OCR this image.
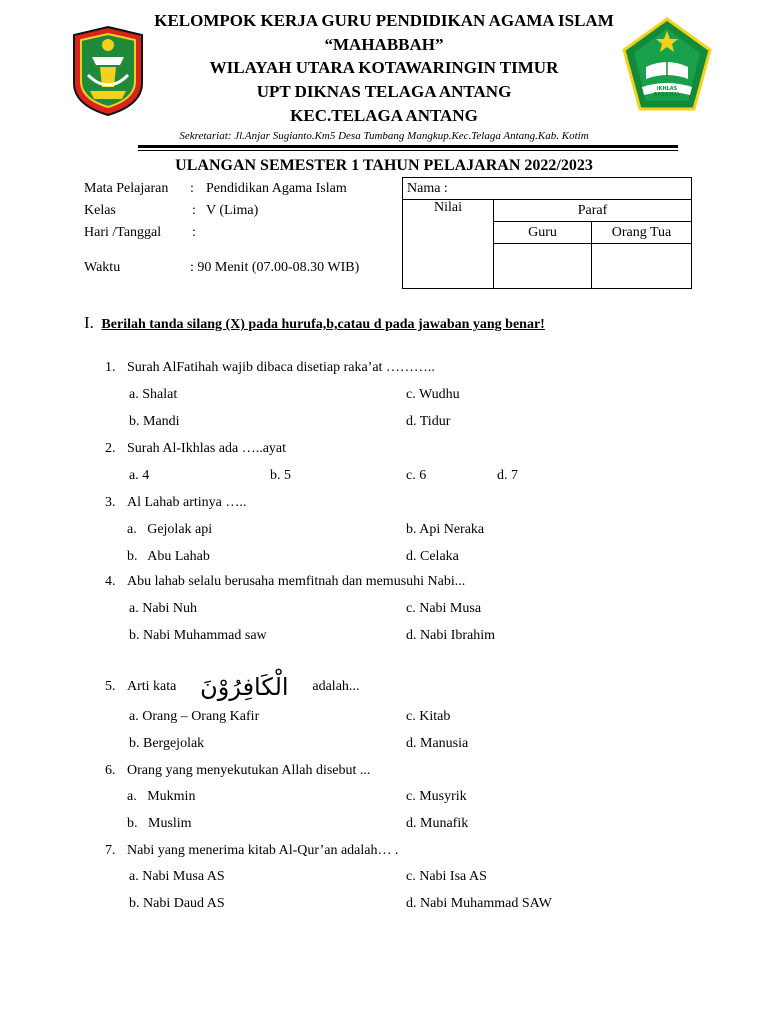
IKHLAS BERAMAL
KELOMPOK KERJA GURU PENDIDIKAN AGAMA ISLAM
“MAHABBAH”
WILAYAH UTARA KOTAWARINGIN TIMUR
UPT DIKNAS TELAGA ANTANG
KEC.TELAGA ANTANG
Sekretariat: Jl.Anjar Sugianto.Km5 Desa Tumbang Mangkup.Kec.Telaga Antang.Kab. Kotim
ULANGAN SEMESTER 1 TAHUN PELAJARAN 2022/2023
Mata Pelajaran : Pendidikan Agama Islam
Kelas	: V (Lima)
Hari /Tanggal :
Waktu	: 90 Menit (07.00-08.30 WIB)
Nama :		
Nilai	Paraf	
	Guru	Orang Tua

I. Berilah tanda silang (X) pada hurufa,b,catau d pada jawaban yang benar!
1. Surah AlFatihah wajib dibaca disetiap raka’at ………..
a. Shalat
b. Mandi
c. Wudhu
d. Tidur
2. Surah Al-Ikhlas ada …..ayat
a. 4	b. 5	c. 6	d. 7
3. Al Lahab artinya …..
a.   Gejolak api
b.   Abu Lahab
b. Api Neraka
d. Celaka
4. Abu lahab selalu berusaha memfitnah dan memusuhi Nabi...
a. Nabi Nuh
b. Nabi Muhammad saw
c. Nabi Musa
d. Nabi Ibrahim
5. Arti kata الْكَافِرُوْنَ adalah...
a. Orang – Orang Kafir
b. Bergejolak
c. Kitab
d. Manusia
6. Orang yang menyekutukan Allah disebut ...
a.   Mukmin
b.   Muslim
c. Musyrik
d. Munafik
7. Nabi yang menerima kitab Al-Qur’an adalah… .
a. Nabi Musa AS
b. Nabi Daud AS
c. Nabi Isa AS
d. Nabi Muhammad SAW
